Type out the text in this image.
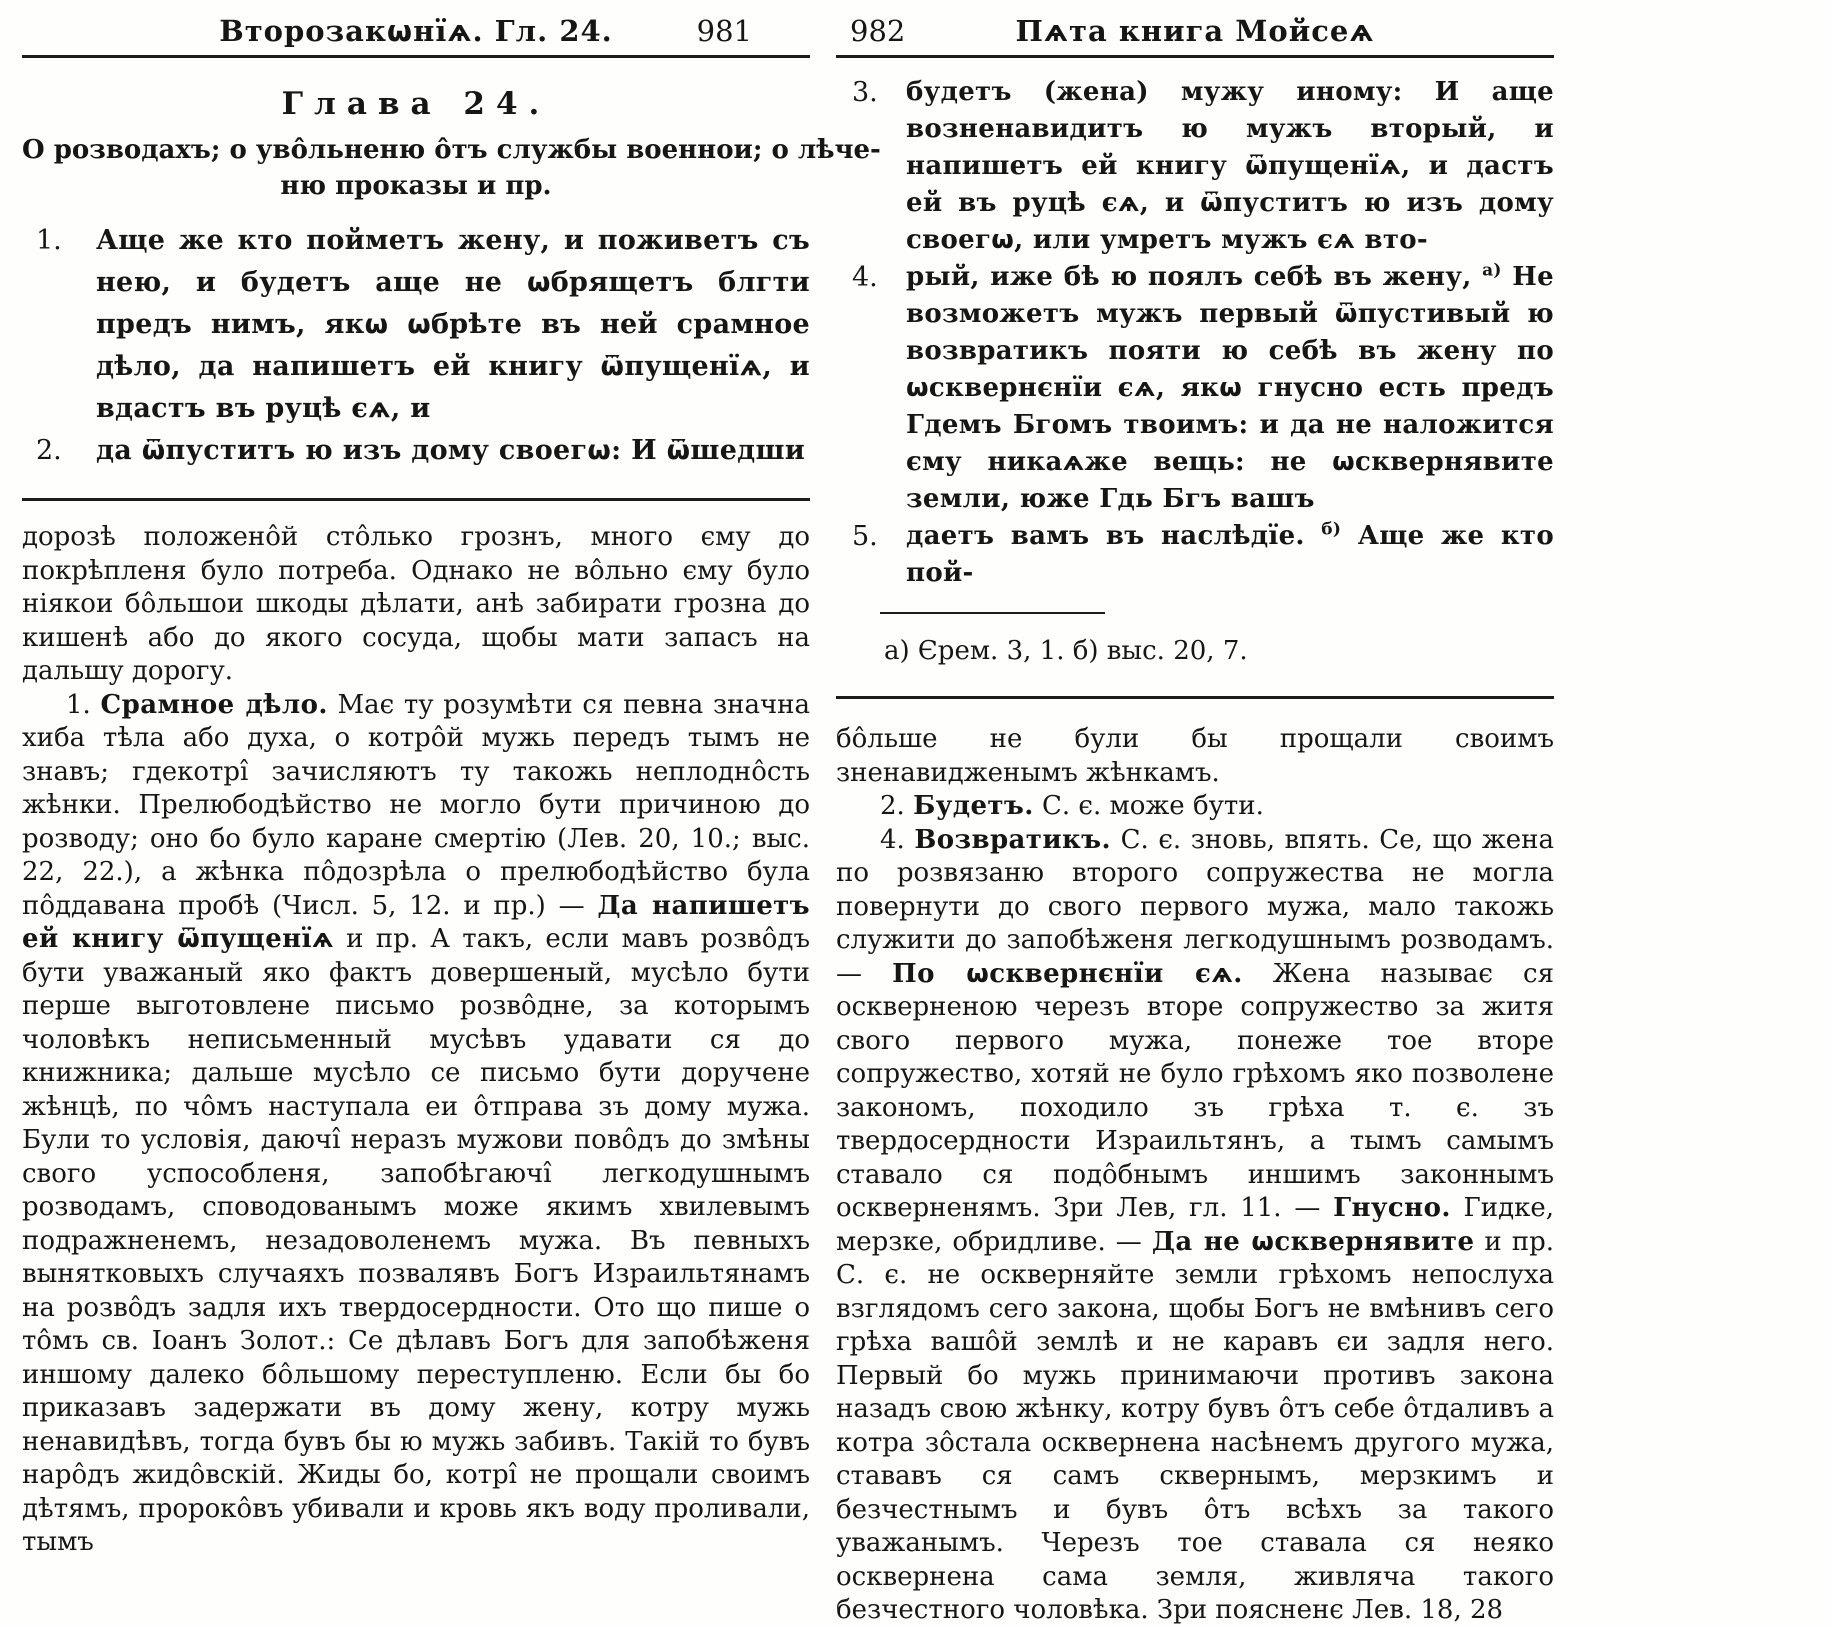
Второзакѡнїѧ. Гл. 24.	981
Глава 24.
О розводахъ; о увôльненю ôтъ службы военнои; о лѣче-
ню проказы и пр.
1.	Аще же кто пойметъ жену, и поживетъ съ нею, и будетъ аще не ѡбрящетъ блгти предъ нимъ, якѡ ѡбрѣте въ ней срамное дѣло, да напишетъ ей книгу ѿпущенїѧ, и вдастъ въ руцѣ єѧ, и

2.	да ѿпуститъ ю изъ дому своегѡ: И ѿшедши

дорозѣ положенôй стôлько грознъ, много єму до покрѣпленя було потреба. Однако не вôльно єму було ніякои бôльшои шкоды дѣлати, анѣ забирати грозна до кишенѣ або до якого сосуда, щобы мати запасъ на дальшу дорогу.

1. Срамное дѣло. Має ту розумѣти ся певна значна хиба тѣла або духа, о котрôй мужь передъ тымъ не знавъ; гдекотрî зачисляютъ ту такожь неплоднôсть жѣнки. Прелюбодѣйство не могло бути причиною до розводу; оно бо було каране смертію (Лев. 20, 10.; выс. 22, 22.), а жѣнка пôдозрѣла о прелюбодѣйство була пôддавана пробѣ (Числ. 5, 12. и пр.) — Да напишетъ ей книгу ѿпущенїѧ и пр. А такъ, если мавъ розвôдъ бути уважаный яко фактъ довершеный, мусѣло бути перше выготовлене письмо розвôдне, за которымъ чоловѣкъ неписьменный мусѣвъ удавати ся до книжника; дальше мусѣло се письмо бути доручене жѣнцѣ, по чôмъ наступала еи ôтправа зъ дому мужа. Були то условія, даючî неразъ мужови повôдъ до змѣны свого успособленя, запобѣгаючî легкодушнымъ розводамъ, споводованымъ може якимъ хвилевымъ подражненемъ, незадоволенемъ мужа. Въ певныхъ вынятковыхъ случаяхъ позвалявъ Богъ Израильтянамъ на розвôдъ задля ихъ твердосердности. Ото що пише о тôмъ св. Іоанъ Золот.: Се дѣлавъ Богъ для запобѣженя иншому далеко бôльшому переступленю. Если бы бо приказавъ задержати въ дому жену, котру мужь ненавидѣвъ, тогда бувъ бы ю мужь забивъ. Такій то бувъ нарôдъ жидôвскій. Жиды бо, котрî не прощали своимъ дѣтямъ, пророкôвъ убивали и кровь якъ воду проливали, тымъ

Пѧта книга Мойсеѧ
982
3.	будетъ (жена) мужу иному: И аще возненавидитъ ю мужъ вторый, и напишетъ ей книгу ѿпущенїѧ, и дастъ ей въ руцѣ єѧ, и ѿпуститъ ю изъ дому своегѡ, или умретъ мужъ єѧ вто-

4.	рый, иже бѣ ю поялъ себѣ въ жену, $^{а)}$ Не возможетъ мужъ первый ѿпустивый ю возвратикъ пояти ю себѣ въ жену по ѡсквернєнїи єѧ, якѡ гнусно есть предъ Гдемъ Бгомъ твоимъ: и да не наложится єму никаѧже вещь: не ѡсквернявите земли, юже Гдь Бгъ вашъ

5.	даетъ вамъ въ наслѣдїе. $^{б)}$ Аще же кто пой-

а) Єрем. 3, 1. б) выс. 20, 7.

бôльше не були бы прощали своимъ зненавидженымъ жѣнкамъ.

2. Будетъ. С. є. може бути.

4. Возвратикъ. С. є. зновь, впять. Се, що жена по розвязаню второго сопружества не могла повернути до свого первого мужа, мало такожь служити до запобѣженя легкодушнымъ розводамъ. — По ѡсквернєнїи єѧ. Жена называє ся оскверненою черезъ вторе сопружество за житя свого первого мужа, понеже тое вторе сопружество, хотяй не було грѣхомъ яко позволене закономъ, походило зъ грѣха т. є. зъ твердосердности Израильтянъ, а тымъ самымъ ставало ся подôбнымъ иншимъ законнымъ оскверненямъ. Зри Лев, гл. 11. — Гнусно. Гидке, мерзке, обридливе. — Да не ѡсквернявите и пр. С. є. не оскверняйте земли грѣхомъ непослуха взглядомъ сего закона, щобы Богъ не вмѣнивъ сего грѣха вашôй землѣ и не каравъ єи задля него. Первый бо мужь принимаючи противъ закона назадъ свою жѣнку, котру бувъ ôтъ себе ôтдаливъ а котра зôстала осквернена насѣнемъ другого мужа, стававъ ся самъ сквернымъ, мерзкимъ и безчестнымъ и бувъ ôтъ всѣхъ за такого уважанымъ. Черезъ тое ставала ся неяко осквернена сама земля, живляча такого безчестного чоловѣка. Зри поясненє Лев. 18, 28
